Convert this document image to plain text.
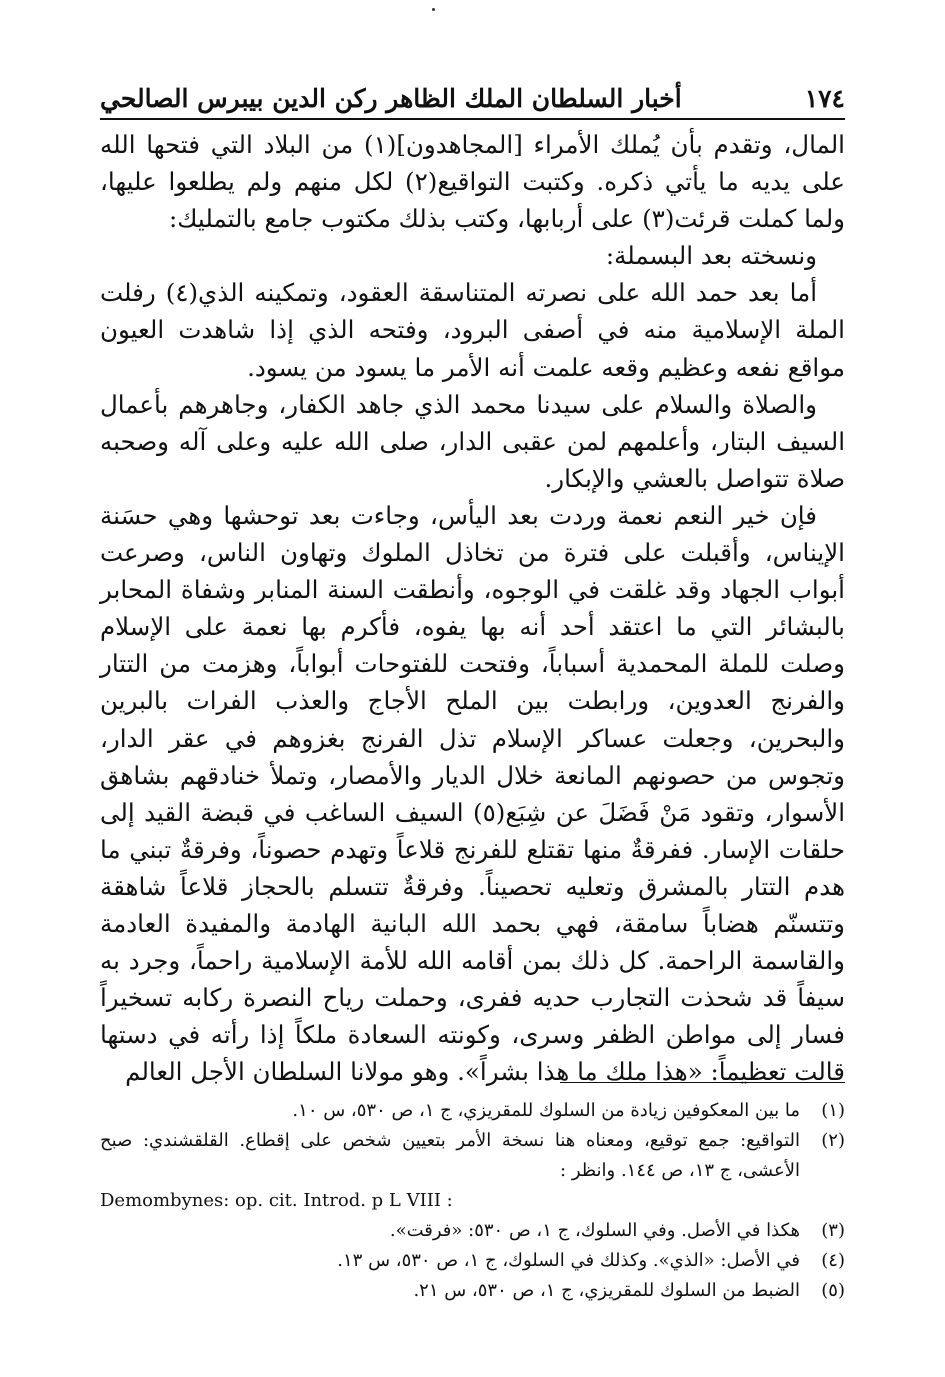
١٧٤
أخبار السلطان الملك الظاهر ركن الدين بيبرس الصالحي

المال، وتقدم بأن يُملك الأمراء [المجاهدون](١) من البلاد التي فتحها الله على يديه ما يأتي ذكره. وكتبت التواقيع(٢) لكل منهم ولم يطلعوا عليها، ولما كملت قرئت(٣) على أربابها، وكتب بذلك مكتوب جامع بالتمليك:

ونسخته بعد البسملة:

أما بعد حمد الله على نصرته المتناسقة العقود، وتمكينه الذي(٤) رفلت الملة الإسلامية منه في أصفى البرود، وفتحه الذي إذا شاهدت العيون مواقع نفعه وعظيم وقعه علمت أنه الأمر ما يسود من يسود.

والصلاة والسلام على سيدنا محمد الذي جاهد الكفار، وجاهرهم بأعمال السيف البتار، وأعلمهم لمن عقبى الدار، صلى الله عليه وعلى آله وصحبه صلاة تتواصل بالعشي والإبكار.

فإن خير النعم نعمة وردت بعد اليأس، وجاءت بعد توحشها وهي حسَنة الإيناس، وأقبلت على فترة من تخاذل الملوك وتهاون الناس، وصرعت أبواب الجهاد وقد غلقت في الوجوه، وأنطقت السنة المنابر وشفاة المحابر بالبشائر التي ما اعتقد أحد أنه بها يفوه، فأكرم بها نعمة على الإسلام وصلت للملة المحمدية أسباباً، وفتحت للفتوحات أبواباً، وهزمت من التتار والفرنج العدوين، ورابطت بين الملح الأجاج والعذب الفرات بالبرين والبحرين، وجعلت عساكر الإسلام تذل الفرنج بغزوهم في عقر الدار، وتجوس من حصونهم المانعة خلال الديار والأمصار، وتملأ خنادقهم بشاهق الأسوار، وتقود مَنْ فَضَلَ عن شِبَع(٥) السيف الساغب في قبضة القيد إلى حلقات الإسار. ففرقةٌ منها تقتلع للفرنج قلاعاً وتهدم حصوناً، وفرقةٌ تبني ما هدم التتار بالمشرق وتعليه تحصيناً. وفرقةٌ تتسلم بالحجاز قلاعاً شاهقة وتتسنّم هضاباً سامقة، فهي بحمد الله البانية الهادمة والمفيدة العادمة والقاسمة الراحمة. كل ذلك بمن أقامه الله للأمة الإسلامية راحماً، وجرد به سيفاً قد شحذت التجارب حديه ففرى، وحملت رياح النصرة ركابه تسخيراً فسار إلى مواطن الظفر وسرى، وكونته السعادة ملكاً إذا رأته في دستها قالت تعظيماً: «هذا ملك ما هذا بشراً». وهو مولانا السلطان الأجل العالم

(١)
ما بين المعكوفين زيادة من السلوك للمقريزي، ج ١، ص ٥٣٠، س ١٠.
(٢)
التواقيع: جمع توقيع، ومعناه هنا نسخة الأمر بتعيين شخص على إقطاع. القلقشندي: صبح الأعشى، ج ١٣، ص ١٤٤. وانظر :
Demombynes: op. cit. Introd. p L VIII :
(٣)
هكذا في الأصل. وفي السلوك، ج ١، ص ٥٣٠: «فرقت».
(٤)
في الأصل: «الذي». وكذلك في السلوك، ج ١، ص ٥٣٠، س ١٣.
(٥)
الضبط من السلوك للمقريزي، ج ١، ص ٥٣٠، س ٢١.
